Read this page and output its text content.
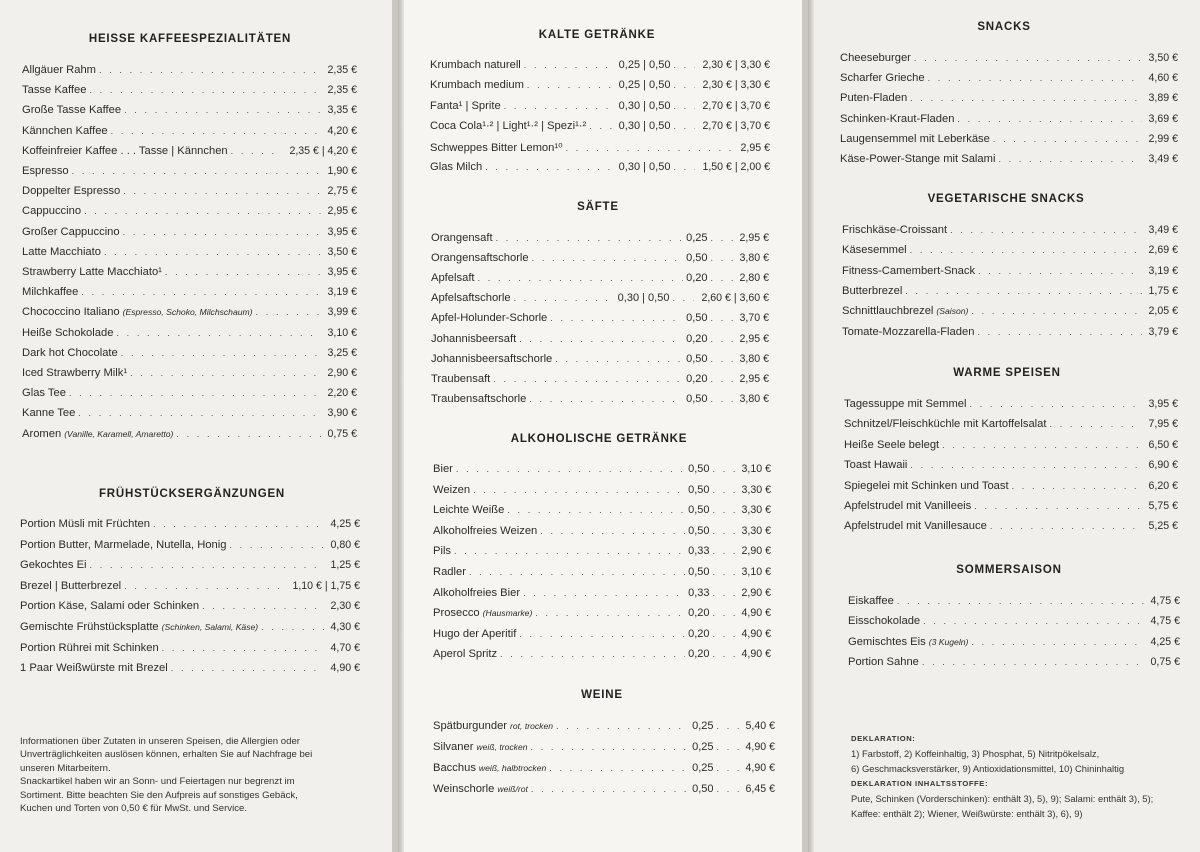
HEISSE KAFFEESPEZIALITÄTEN
Allgäuer Rahm . . .	2,35 €
Tasse Kaffee . . .	2,35 €
Große Tasse Kaffee . . .	3,35 €
Kännchen Kaffee . . .	4,20 €
Koffeinfreier Kaffee . . . Tasse | Kännchen . . .	2,35 € | 4,20 €
Espresso . . .	1,90 €
Doppelter Espresso . . .	2,75 €
Cappuccino . . .	2,95 €
Großer Cappuccino . . .	3,95 €
Latte Macchiato . . .	3,50 €
Strawberry Latte Macchiato¹ . . .	3,95 €
Milchkaffee . . .	3,19 €
Chococcino Italiano (Espresso, Schoko, Milchschaum) . . .	3,99 €
Heiße Schokolade . . .	3,10 €
Dark hot Chocolate . . .	3,25 €
Iced Strawberry Milk¹ . . .	2,90 €
Glas Tee . . .	2,20 €
Kanne Tee . . .	3,90 €
Aromen (Vanille, Karamell, Amaretto) . . .	0,75 €
FRÜHSTÜCKSERGÄNZUNGEN
Portion Müsli mit Früchten . . .	4,25 €
Portion Butter, Marmelade, Nutella, Honig . . .	0,80 €
Gekochtes Ei . . .	1,25 €
Brezel | Butterbrezel . . .	1,10 € | 1,75 €
Portion Käse, Salami oder Schinken . . .	2,30 €
Gemischte Frühstücksplatte (Schinken, Salami, Käse) . . .	4,30 €
Portion Rührei mit Schinken . . .	4,70 €
1 Paar Weißwürste mit Brezel . . .	4,90 €
Informationen über Zutaten in unseren Speisen, die Allergien oder
Unverträglichkeiten auslösen können, erhalten Sie auf Nachfrage bei
unseren Mitarbeitern.
Snackartikel haben wir an Sonn- und Feiertagen nur begrenzt im
Sortiment. Bitte beachten Sie den Aufpreis auf sonstiges Gebäck,
Kuchen und Torten von 0,50 € für MwSt. und Service.
KALTE GETRÄNKE
Krumbach naturell . . .	0,25 | 0,50 . . .	2,30 € | 3,30 €
Krumbach medium . . .	0,25 | 0,50 . . .	2,30 € | 3,30 €
Fanta¹ | Sprite . . .	0,30 | 0,50 . . .	2,70 € | 3,70 €
Coca Cola¹·² | Light¹·² | Spezi¹·² . . .	0,30 | 0,50 . . .	2,70 € | 3,70 €
Schweppes Bitter Lemon¹⁰ . . .	2,95 €
Glas Milch . . .	0,30 | 0,50 . . .	1,50 € | 2,00 €
SÄFTE
Orangensaft . . .	0,25 . . .	2,95 €
Orangensaftschorle . . .	0,50 . . .	3,80 €
Apfelsaft . . .	0,20 . . .	2,80 €
Apfelsaftschorle . . .	0,30 | 0,50 . . .	2,60 € | 3,60 €
Apfel-Holunder-Schorle . . .	0,50 . . .	3,70 €
Johannisbeersaft . . .	0,20 . . .	2,95 €
Johannisbeersaftschorle . . .	0,50 . . .	3,80 €
Traubensaft . . .	0,20 . . .	2,95 €
Traubensaftschorle . . .	0,50 . . .	3,80 €
ALKOHOLISCHE GETRÄNKE
Bier . . .	0,50 . . .	3,10 €
Weizen . . .	0,50 . . .	3,30 €
Leichte Weiße . . .	0,50 . . .	3,30 €
Alkoholfreies Weizen . . .	0,50 . . .	3,30 €
Pils . . .	0,33 . . .	2,90 €
Radler . . .	0,50 . . .	3,10 €
Alkoholfreies Bier . . .	0,33 . . .	2,90 €
Prosecco (Hausmarke) . . .	0,20 . . .	4,90 €
Hugo der Aperitif . . .	0,20 . . .	4,90 €
Aperol Spritz . . .	0,20 . . .	4,90 €
WEINE
Spätburgunder rot, trocken . . .	0,25 . . .	5,40 €
Silvaner weiß, trocken . . .	0,25 . . .	4,90 €
Bacchus weiß, halbtrocken . . .	0,25 . . .	4,90 €
Weinschorle weiß/rot . . .	0,50 . . .	6,45 €
SNACKS
Cheeseburger . . .	3,50 €
Scharfer Grieche . . .	4,60 €
Puten-Fladen . . .	3,89 €
Schinken-Kraut-Fladen . . .	3,69 €
Laugensemmel mit Leberkäse . . .	2,99 €
Käse-Power-Stange mit Salami . . .	3,49 €
VEGETARISCHE SNACKS
Frischkäse-Croissant . . .	3,49 €
Käsesemmel . . .	2,69 €
Fitness-Camembert-Snack . . .	3,19 €
Butterbrezel . . .	1,75 €
Schnittlauchbrezel (Saison) . . .	2,05 €
Tomate-Mozzarella-Fladen . . .	3,79 €
WARME SPEISEN
Tagessuppe mit Semmel . . .	3,95 €
Schnitzel/Fleischküchle mit Kartoffelsalat . . .	7,95 €
Heiße Seele belegt . . .	6,50 €
Toast Hawaii . . .	6,90 €
Spiegelei mit Schinken und Toast . . .	6,20 €
Apfelstrudel mit Vanilleeis . . .	5,75 €
Apfelstrudel mit Vanillesauce . . .	5,25 €
SOMMERSAISON
Eiskaffee . . .	4,75 €
Eisschokolade . . .	4,75 €
Gemischtes Eis (3 Kugeln) . . .	4,25 €
Portion Sahne . . .	0,75 €
DEKLARATION:
1) Farbstoff, 2) Koffeinhaltig, 3) Phosphat, 5) Nitritpökelsalz,
6) Geschmacksverstärker, 9) Antioxidationsmittel, 10) Chininhaltig
DEKLARATION INHALTSSTOFFE:
Pute, Schinken (Vorderschinken): enthält 3), 5), 9); Salami: enthält 3), 5);
Kaffee: enthält 2); Wiener, Weißwürste: enthält 3), 6), 9)
